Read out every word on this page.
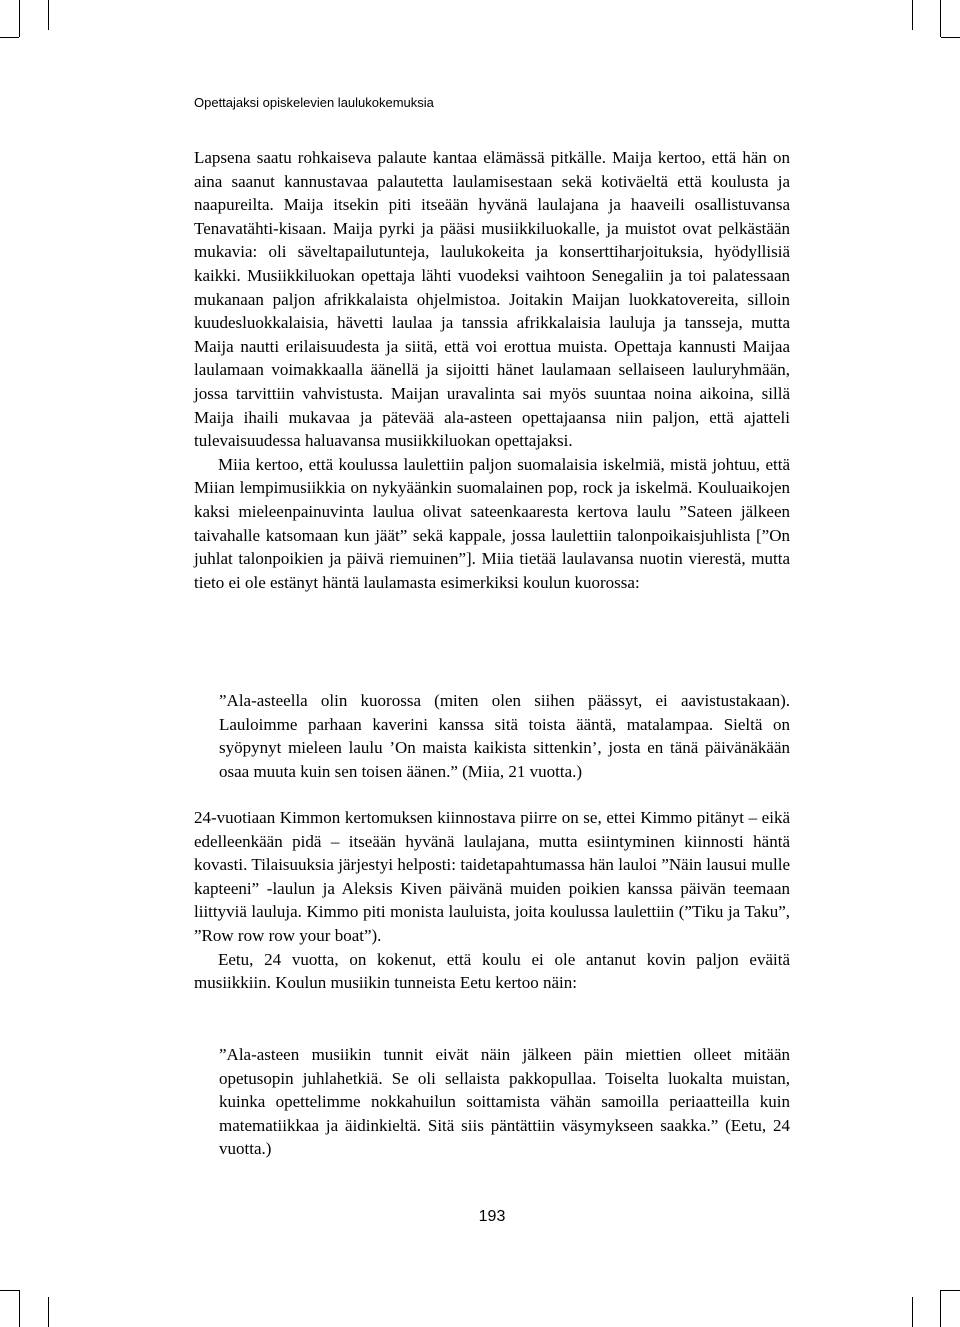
Opettajaksi opiskelevien laulukokemuksia

Lapsena saatu rohkaiseva palaute kantaa elämässä pitkälle. Maija kertoo, että hän on aina saanut kannustavaa palautetta laulamisestaan sekä kotiväeltä että koulusta ja naapureilta. Maija itsekin piti itseään hyvänä laulajana ja haaveili osallistuvansa Tenavatähti-kisaan. Maija pyrki ja pääsi musiikkiluokalle, ja muistot ovat pelkästään mukavia: oli säveltapailutunteja, laulukokeita ja konserttiharjoituksia, hyödyllisiä kaikki. Musiikkiluokan opettaja lähti vuodeksi vaihtoon Senegaliin ja toi palatessaan mukanaan paljon afrikkalaista ohjelmistoa. Joitakin Maijan luokkatovereita, silloin kuudesluokkalaisia, hävetti laulaa ja tanssia afrikkalaisia lauluja ja tansseja, mutta Maija nautti erilaisuudesta ja siitä, että voi erottua muista. Opettaja kannusti Maijaa laulamaan voimakkaalla äänellä ja sijoitti hänet laulamaan sellaiseen lauluryhmään, jossa tarvittiin vahvistusta. Maijan uravalinta sai myös suuntaa noina aikoina, sillä Maija ihaili mukavaa ja pätevää ala-asteen opettajaansa niin paljon, että ajatteli tulevaisuudessa haluavansa musiikkiluokan opettajaksi.

Miia kertoo, että koulussa laulettiin paljon suomalaisia iskelmiä, mistä johtuu, että Miian lempimusiikkia on nykyäänkin suomalainen pop, rock ja iskelmä. Kouluaikojen kaksi mieleenpainuvinta laulua olivat sateenkaaresta kertova laulu ”Sateen jälkeen taivahalle katsomaan kun jäät” sekä kappale, jossa laulettiin talonpoikaisjuhlista [”On juhlat talonpoikien ja päivä riemuinen”]. Miia tietää laulavansa nuotin vierestä, mutta tieto ei ole estänyt häntä laulamasta esimerkiksi koulun kuorossa:

”Ala-asteella olin kuorossa (miten olen siihen päässyt, ei aavistustakaan). Lauloimme parhaan kaverini kanssa sitä toista ääntä, matalampaa. Sieltä on syöpynyt mieleen laulu ’On maista kaikista sittenkin’, josta en tänä päivänäkään osaa muuta kuin sen toisen äänen.” (Miia, 21 vuotta.)

24-vuotiaan Kimmon kertomuksen kiinnostava piirre on se, ettei Kimmo pitänyt – eikä edelleenkään pidä – itseään hyvänä laulajana, mutta esiintyminen kiinnosti häntä kovasti. Tilaisuuksia järjestyi helposti: taidetapahtumassa hän lauloi ”Näin lausui mulle kapteeni” -laulun ja Aleksis Kiven päivänä muiden poikien kanssa päivän teemaan liittyviä lauluja. Kimmo piti monista lauluista, joita koulussa laulettiin (”Tiku ja Taku”, ”Row row row your boat”).

Eetu, 24 vuotta, on kokenut, että koulu ei ole antanut kovin paljon eväitä musiikkiin. Koulun musiikin tunneista Eetu kertoo näin:

”Ala-asteen musiikin tunnit eivät näin jälkeen päin miettien olleet mitään opetusopin juhlahetkiä. Se oli sellaista pakkopullaa. Toiselta luokalta muistan, kuinka opettelimme nokkahuilun soittamista vähän samoilla periaatteilla kuin matematiikkaa ja äidinkieltä. Sitä siis päntättiin väsymykseen saakka.” (Eetu, 24 vuotta.)

193
